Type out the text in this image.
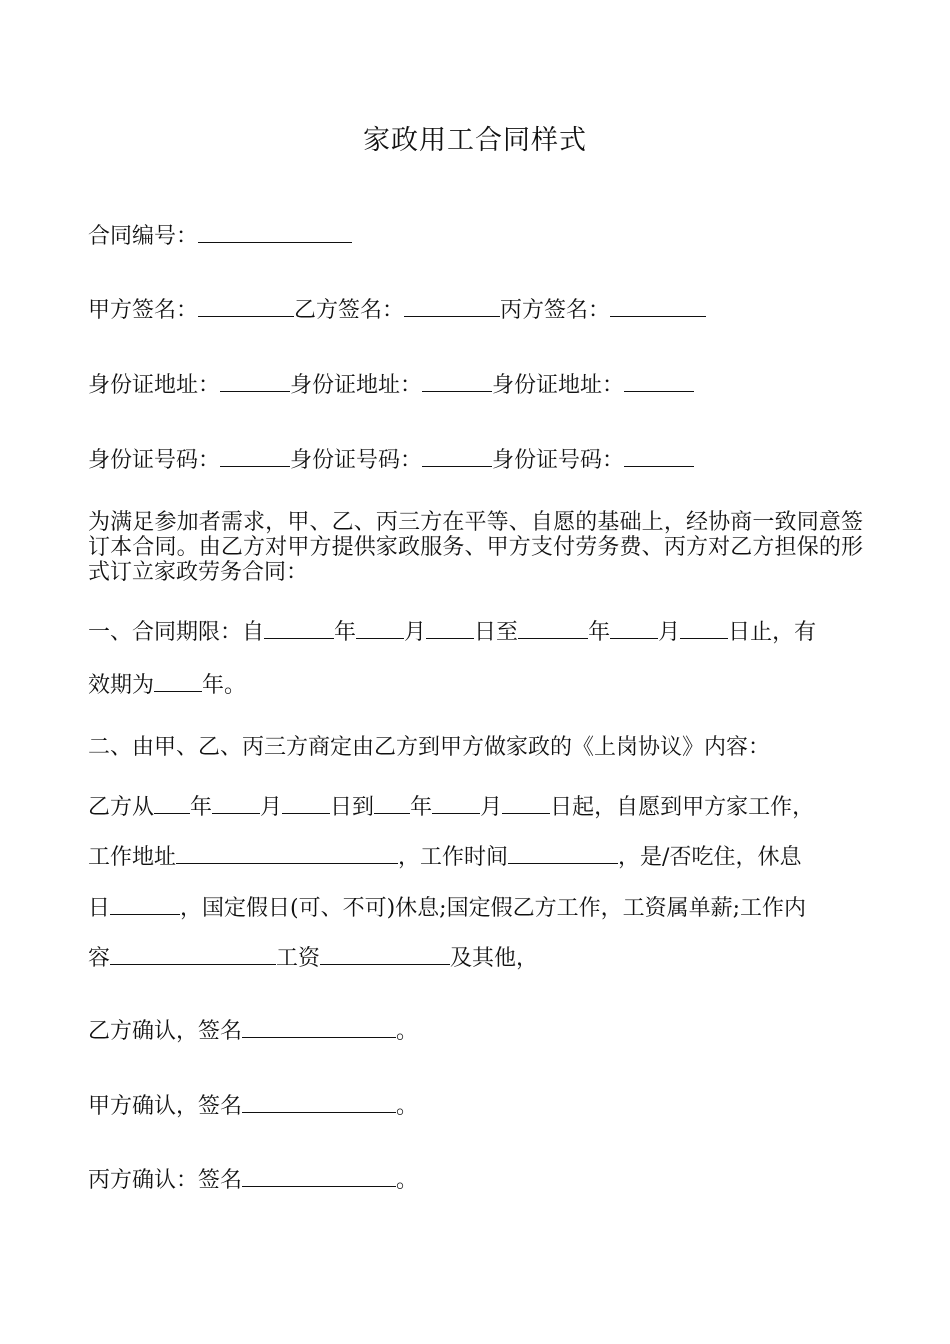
家政用工合同样式
合同编号：
甲方签名：	乙方签名：	丙方签名：
身份证地址：	身份证地址：	身份证地址：
身份证号码：	身份证号码：	身份证号码：
为满足参加者需求，甲、乙、丙三方在平等、自愿的基础上，经协商一致同意签订本合同。由乙方对甲方提供家政服务、甲方支付劳务费、丙方对乙方担保的形式订立家政劳务合同：
一、合同期限：自	年 月 日至	年 月 日止，有
效期为 年。
二、由甲、乙、丙三方商定由乙方到甲方做家政的《上岗协议》内容：
乙方从 年 月 日到 年 月 日起，自愿到甲方家工作，
工作地址	，工作时间	，是/否吃住，休息
日	，国定假日(可、不可)休息;国定假乙方工作，工资属单薪;工作内
容	工资	及其他，
乙方确认，签名	。
甲方确认，签名	。
丙方确认：签名	。
